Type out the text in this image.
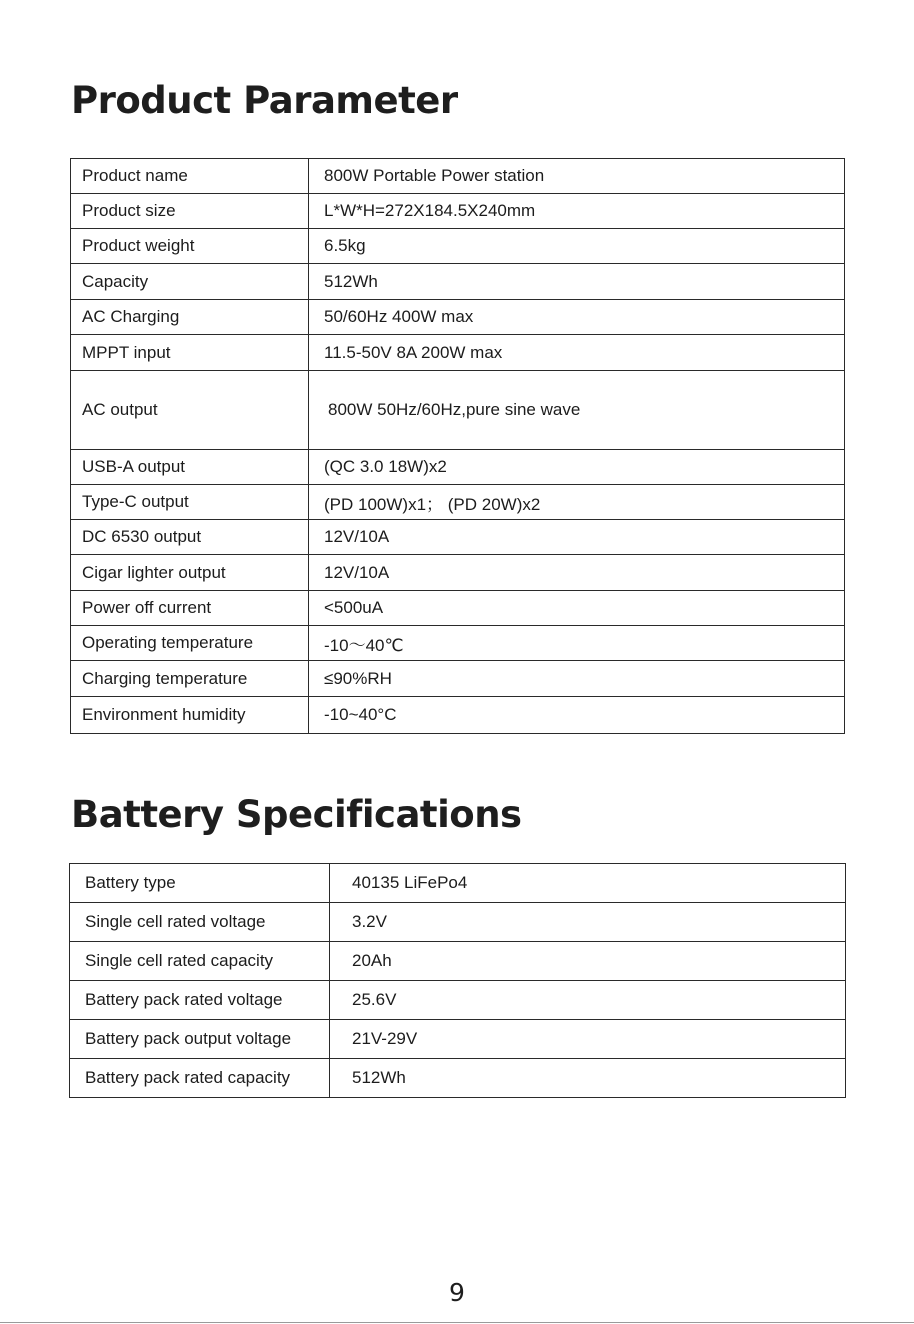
Product Parameter
Product name	800W Portable Power station
Product size	L*W*H=272X184.5X240mm
Product weight	6.5kg
Capacity	512Wh
AC Charging	50/60Hz 400W max
MPPT input	11.5-50V 8A 200W max
AC output	800W 50Hz/60Hz,pure sine wave
USB-A output	(QC 3.0 18W)x2
Type-C output	(PD 100W)x1； (PD 20W)x2
DC 6530 output	12V/10A
Cigar lighter output	12V/10A
Power off current	<500uA
Operating temperature	-10～40℃
Charging temperature	≤90%RH
Environment humidity	-10~40°C
Battery Specifications
Battery type	40135 LiFePo4
Single cell rated voltage	3.2V
Single cell rated capacity	20Ah
Battery pack rated voltage	25.6V
Battery pack output voltage	21V-29V
Battery pack rated capacity	512Wh
9
